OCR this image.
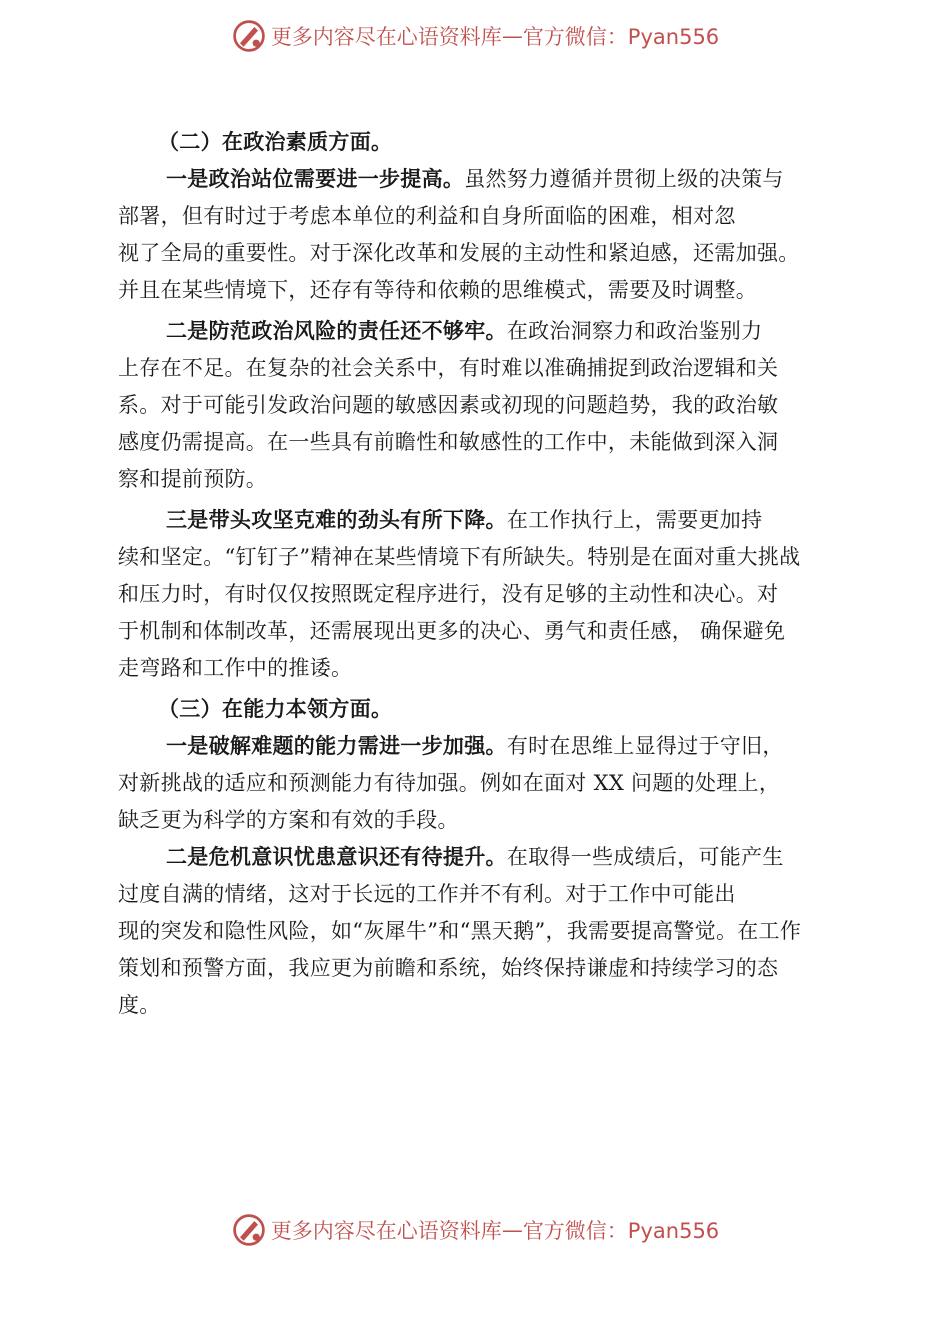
更多内容尽在心语资料库 — 官方微信：Pyan556
（二）在政治素质方面。
一是政治站位需要进一步提高。虽然努力遵循并贯彻上级的决策与
部署，但有时过于考虑本单位的利益和自身所面临的困难，相对忽
视了全局的重要性。对于深化改革和发展的主动性和紧迫感，还需加强。
并且在某些情境下，还存有等待和依赖的思维模式，需要及时调整。
二是防范政治风险的责任还不够牢。在政治洞察力和政治鉴别力
上存在不足。在复杂的社会关系中，有时难以准确捕捉到政治逻辑和关
系。对于可能引发政治问题的敏感因素或初现的问题趋势，我的政治敏
感度仍需提高。在一些具有前瞻性和敏感性的工作中，未能做到深入洞
察和提前预防。
三是带头攻坚克难的劲头有所下降。在工作执行上，需要更加持
续和坚定。“钉钉子”精神在某些情境下有所缺失。特别是在面对重大挑战
和压力时，有时仅仅按照既定程序进行，没有足够的主动性和决心。对
于机制和体制改革，还需展现出更多的决心、勇气和责任感， 确保避免
走弯路和工作中的推诿。
（三）在能力本领方面。
一是破解难题的能力需进一步加强。有时在思维上显得过于守旧，
对新挑战的适应和预测能力有待加强。例如在面对 XX 问题的处理上，
缺乏更为科学的方案和有效的手段。
二是危机意识忧患意识还有待提升。在取得一些成绩后，可能产生
过度自满的情绪，这对于长远的工作并不有利。对于工作中可能出
现的突发和隐性风险，如“灰犀牛”和“黑天鹅”，我需要提高警觉。在工作
策划和预警方面，我应更为前瞻和系统，始终保持谦虚和持续学习的态
度。
更多内容尽在心语资料库 — 官方微信：Pyan556
